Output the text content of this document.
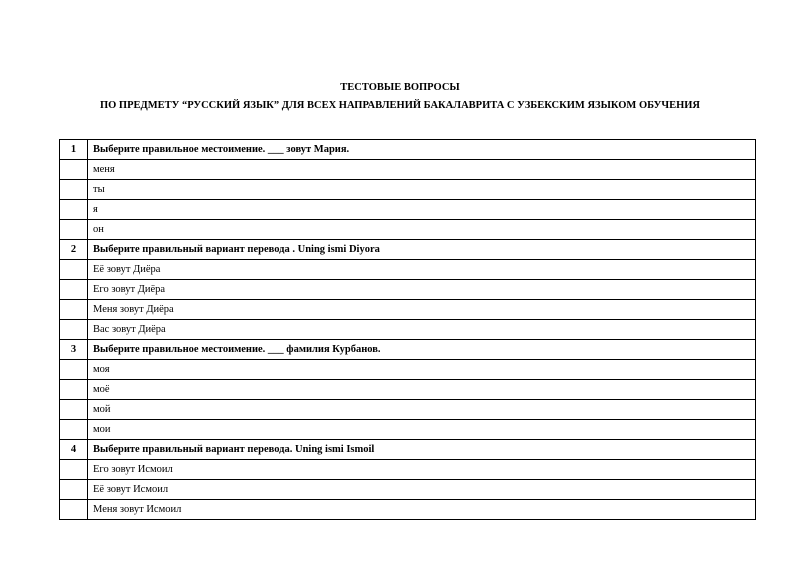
ТЕСТОВЫЕ ВОПРОСЫ
ПО ПРЕДМЕТУ “РУССКИЙ ЯЗЫК” ДЛЯ ВСЕХ НАПРАВЛЕНИЙ БАКАЛАВРИТА С УЗБЕКСКИМ ЯЗЫКОМ ОБУЧЕНИЯ
1	Выберите правильное местоимение. ___ зовут Мария.
	меня
	ты
	я
	он
2	Выберите правильный вариант перевода . Uning ismi Diyora
	Её зовут Диёра
	Его зовут Диёра
	Меня зовут Диёра
	Вас зовут Диёра
3	Выберите правильное местоимение. ___ фамилия Курбанов.
	моя
	моё
	мой
	мои
4	Выберите правильный вариант перевода. Uning ismi Ismoil
	Его зовут Исмоил
	Её зовут Исмоил
	Меня зовут Исмоил
